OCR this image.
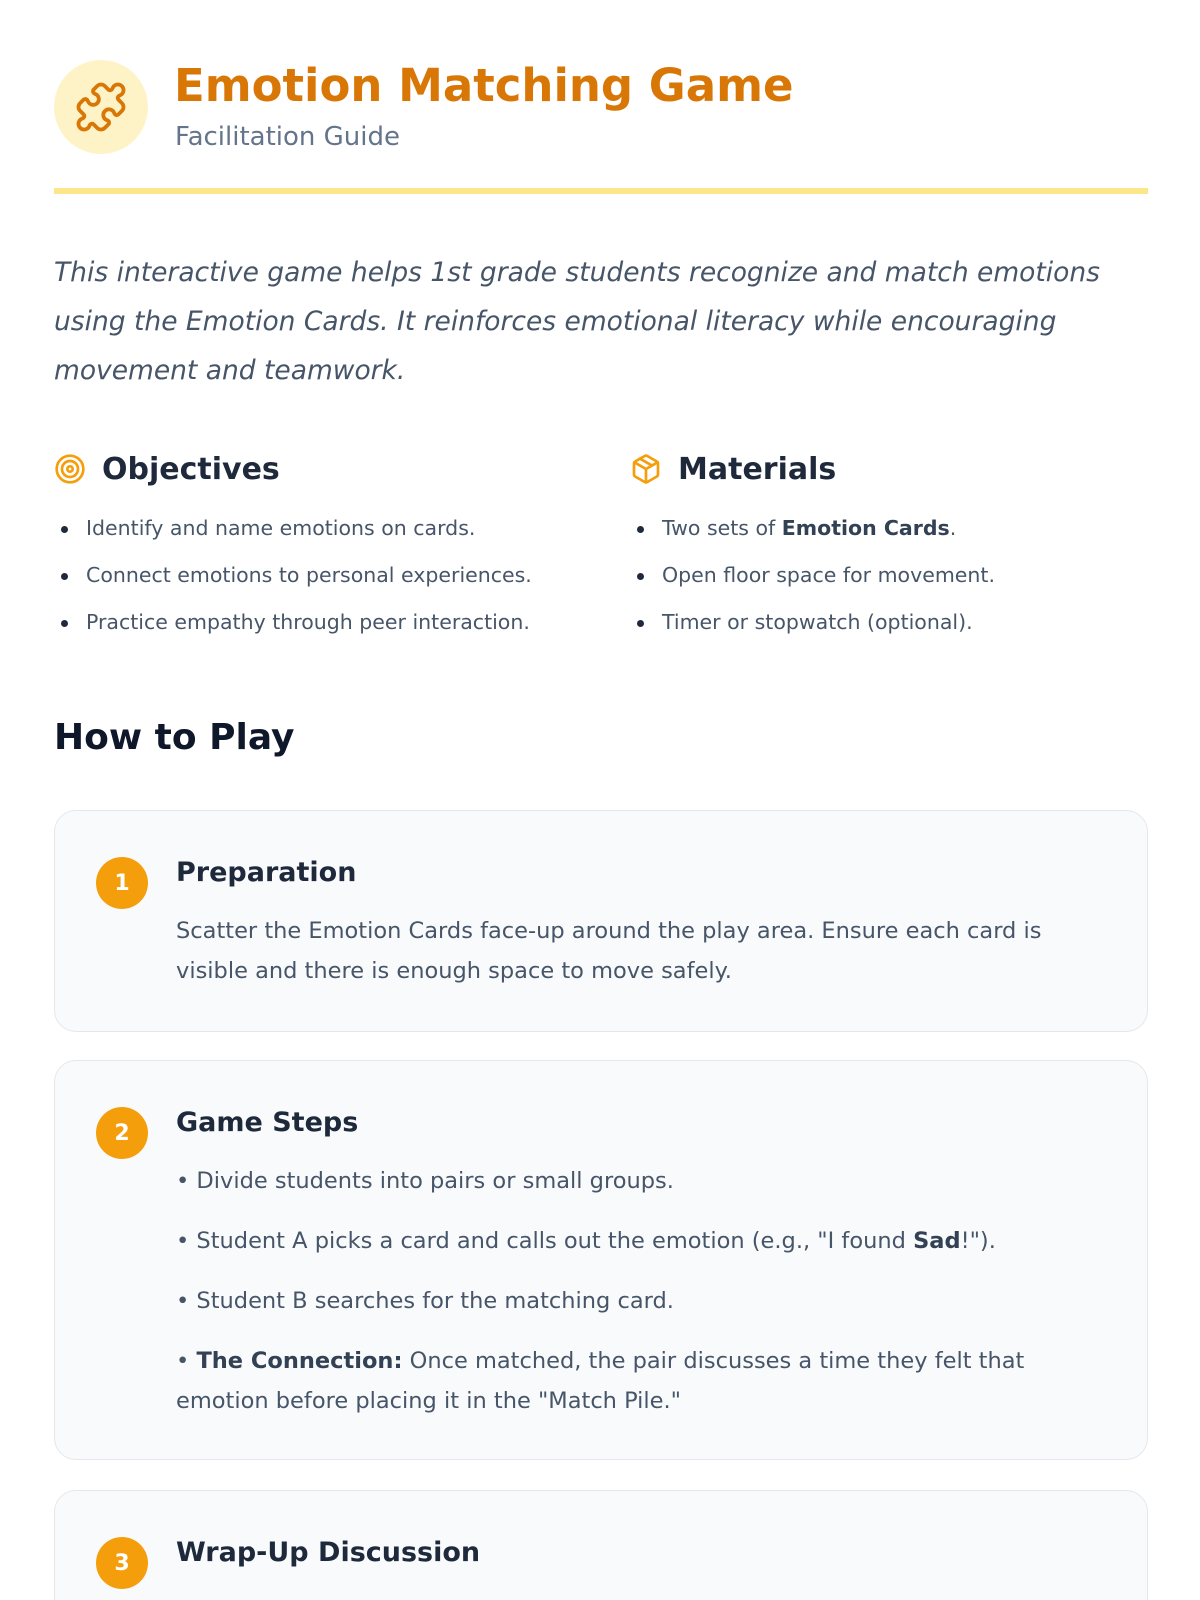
Emotion Matching Game
Facilitation Guide

This interactive game helps 1st grade students recognize and match emotions using the Emotion Cards. It reinforces emotional literacy while encouraging movement and teamwork.

Objectives
Identify and name emotions on cards.
Connect emotions to personal experiences.
Practice empathy through peer interaction.
Materials
Two sets of Emotion Cards.
Open floor space for movement.
Timer or stopwatch (optional).
How to Play
1	Preparation
Scatter the Emotion Cards face-up around the play area. Ensure each card is visible and there is enough space to move safely.
2	Game Steps
• Divide students into pairs or small groups.
• Student A picks a card and calls out the emotion (e.g., "I found Sad!").
• Student B searches for the matching card.
• The Connection: Once matched, the pair discusses a time they felt that emotion before placing it in the "Match Pile."
3	Wrap-Up Discussion
